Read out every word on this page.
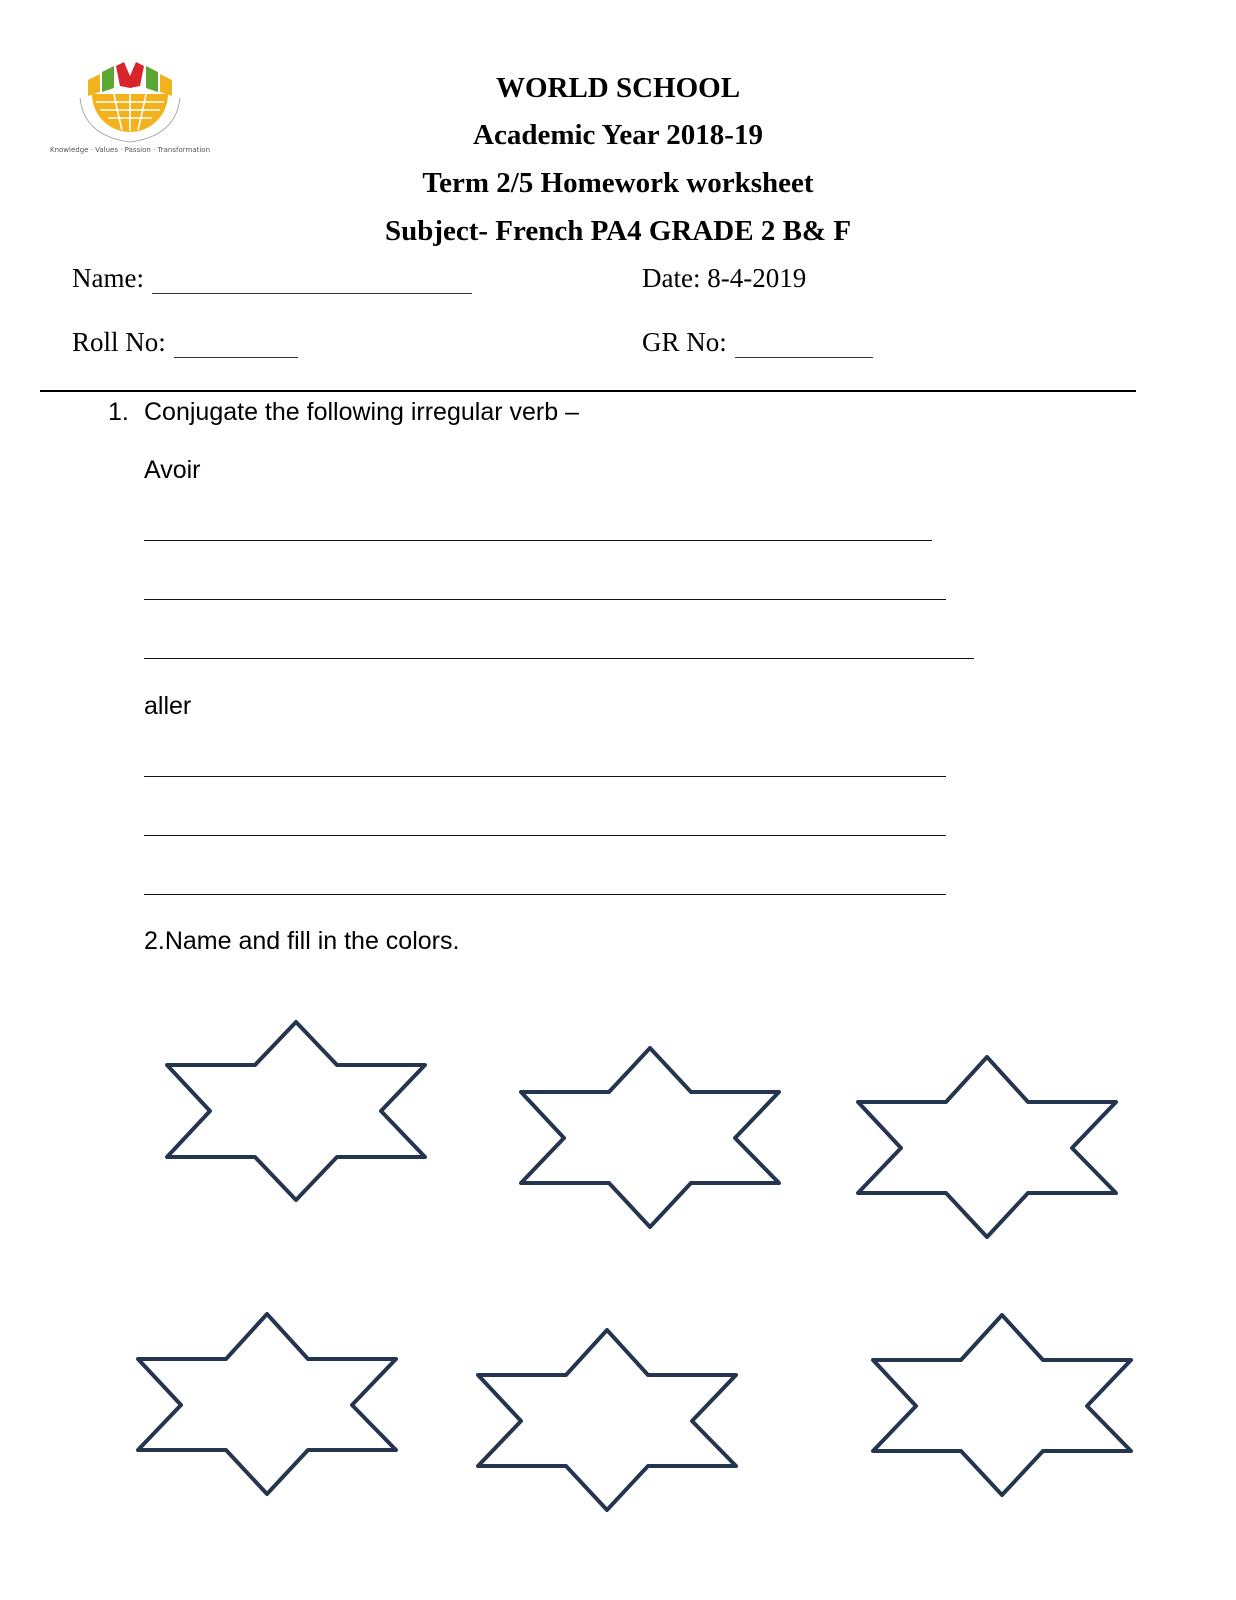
Knowledge · Values · Passion · Transformation
WORLD SCHOOL
Academic Year 2018-19
Term 2/5 Homework worksheet
Subject- French PA4 GRADE 2 B& F
Name:	Date: 8-4-2019
Roll No:	GR No:
1. Conjugate the following irregular verb –
Avoir
aller
2.Name and fill in the colors.
